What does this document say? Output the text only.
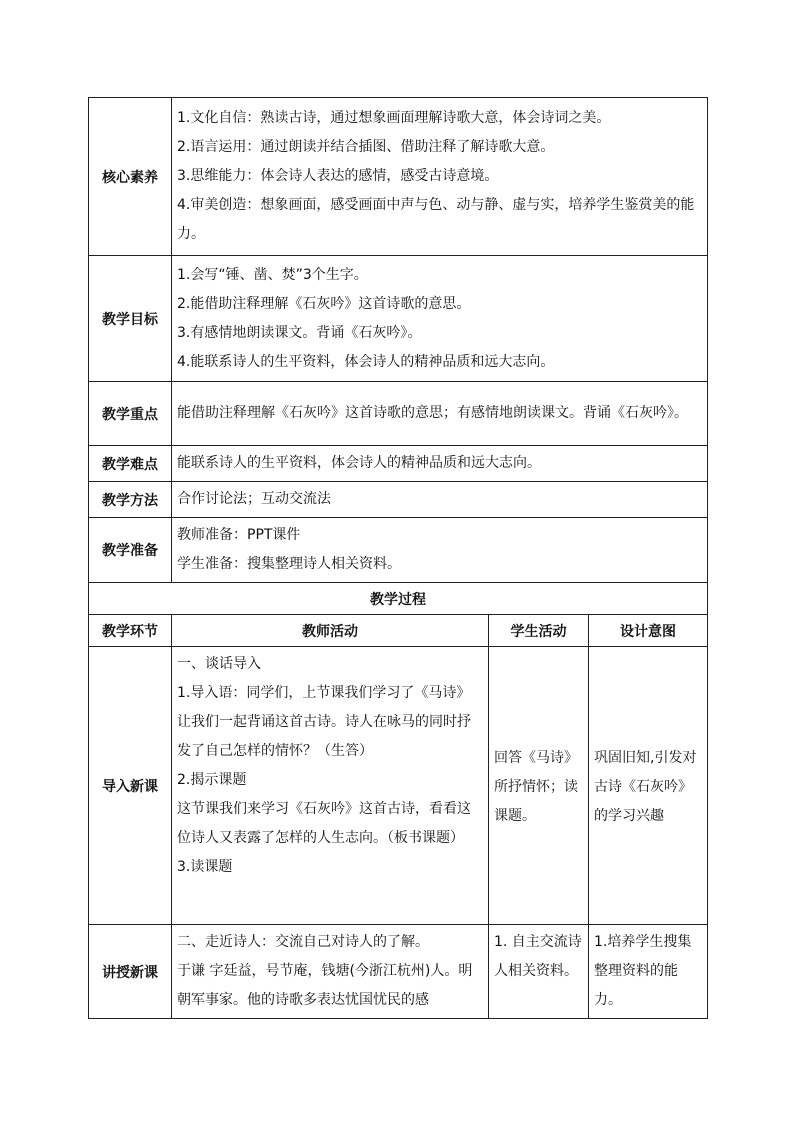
核心素养	1.文化自信：熟读古诗，通过想象画面理解诗歌大意，体会诗词之美。

2.语言运用：通过朗读并结合插图、借助注释了解诗歌大意。

3.思维能力：体会诗人表达的感情，感受古诗意境。

4.审美创造：想象画面，感受画面中声与色、动与静、虚与实，培养学生鉴赏美的能力。		

教学目标	1.会写“锤、凿、焚”3个生字。

2.能借助注释理解《石灰吟》这首诗歌的意思。

3.有感情地朗读课文。背诵《石灰吟》。

4.能联系诗人的生平资料，体会诗人的精神品质和远大志向。		

教学重点	能借助注释理解《石灰吟》这首诗歌的意思；有感情地朗读课文。背诵《石灰吟》。		

教学难点	能联系诗人的生平资料，体会诗人的精神品质和远大志向。		

教学方法	合作讨论法；互动交流法		

教学准备	教师准备：PPT课件

学生准备：搜集整理诗人相关资料。		

教学过程			
教学环节	教师活动	学生活动	设计意图
导入新课	一、谈话导入

1.导入语：同学们，上节课我们学习了《马诗》让我们一起背诵这首古诗。诗人在咏马的同时抒发了自己怎样的情怀？（生答）

2.揭示课题

这节课我们来学习《石灰吟》这首古诗，看看这位诗人又表露了怎样的人生志向。（板书课题）

3.读课题	回答《马诗》所抒情怀；读课题。	巩固旧知,引发对古诗《石灰吟》的学习兴趣

讲授新课	二、走近诗人：交流自己对诗人的了解。

于谦 字廷益，号节庵，钱塘(今浙江杭州)人。明朝军事家。他的诗歌多表达忧国忧民的感	1. 自主交流诗人相关资料。	1.培养学生搜集整理资料的能力。
